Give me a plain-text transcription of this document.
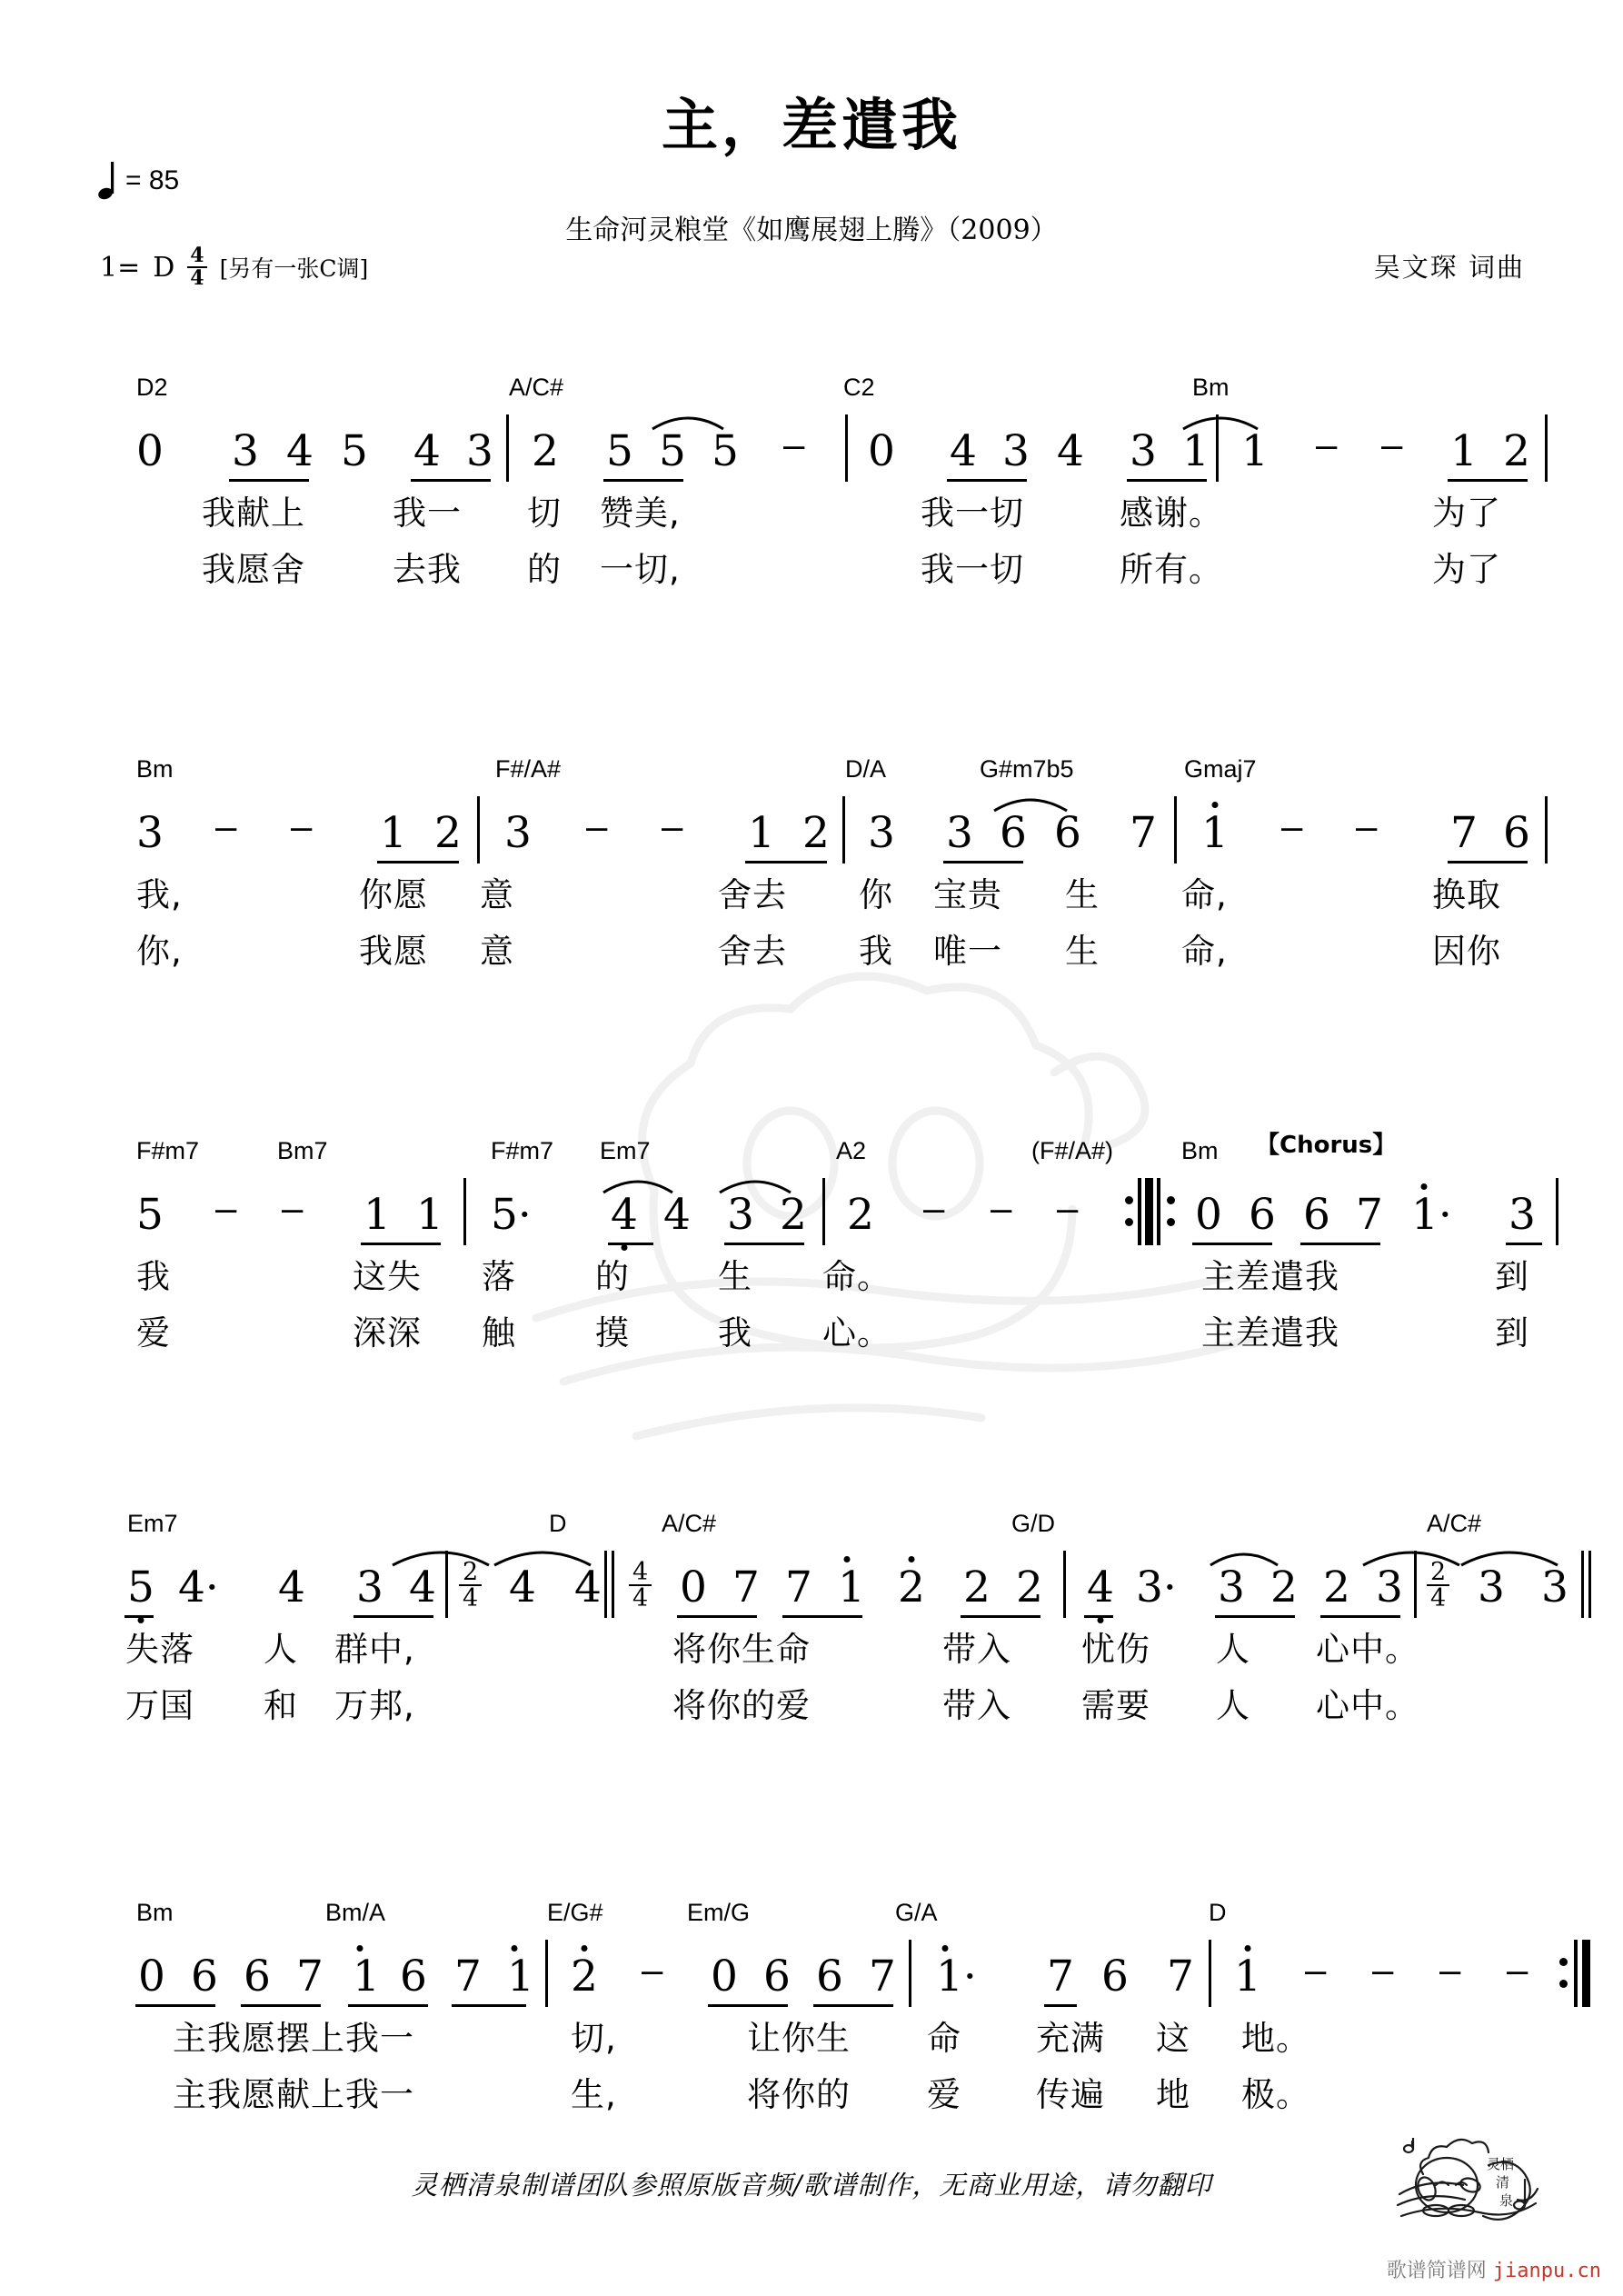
= 85
主，差遣我
生命河灵粮堂《如鹰展翅上腾》（2009）
1= D $\frac{4}{4}$ [另有一张C调]	吴文琛 词曲
D2	A/C#	C2	Bm
0 3 4 5 4 3 2 5 5 5 – 0 4 3 4 3 1 1 – – 1 2
我献上	我一 切 赞美,	我一切	感谢。	为了
我愿舍	去我 的 一切,	我一切	所有。	为了
Bm	F#/A#	D/A	G#m7b5	Gmaj7
3 – – 1 2 3 – – 1 2 3 3 6 6 7 1 – – 7 6
我,	你愿 意	舍去 你 宝贵 生 命,	换取
你,	我愿 意	舍去 我 唯一 生 命,	因你
F#m7	Bm7	F#m7 Em7	A2	(F#/A#)	Bm 【Chorus】
5 – – 1 1 5· 4 4 3 2 2 – – –	0 6 6 7 1· 3
我	这失 落 的	生 命。	主差遣我	到
爱	深深 触 摸	我 心。	主差遣我	到
Em7	D	A/C#	G/D	A/C#
5 4· 4 3 $4 \frac{2}{4} 4$ $4 \frac{4}{4} 0$ 7 7 1 2 2 2 4 3· 3 2 2 $3 \frac{2}{4} 3$ 3
失落 人 群中,	将你生命	带入 忧伤 人 心中。
万国 和 万邦,	将你的爱	带入 需要 人 心中。
Bm	Bm/A	E/G#	Em/G	G/A	D
0 6 6 7 1 6 7 1 2 – 0 6 6 7 1· 7 6 7 1 – – – –
主我愿摆上我一	切,	让你生 命 充满 这 地。
主我愿献上我一	生,	将你的 爱 传遍 地 极。
灵栖清泉制谱团队参照原版音频/歌谱制作，无商业用途，请勿翻印
灵栖
清
泉
歌谱简谱网 jianpu.cn
